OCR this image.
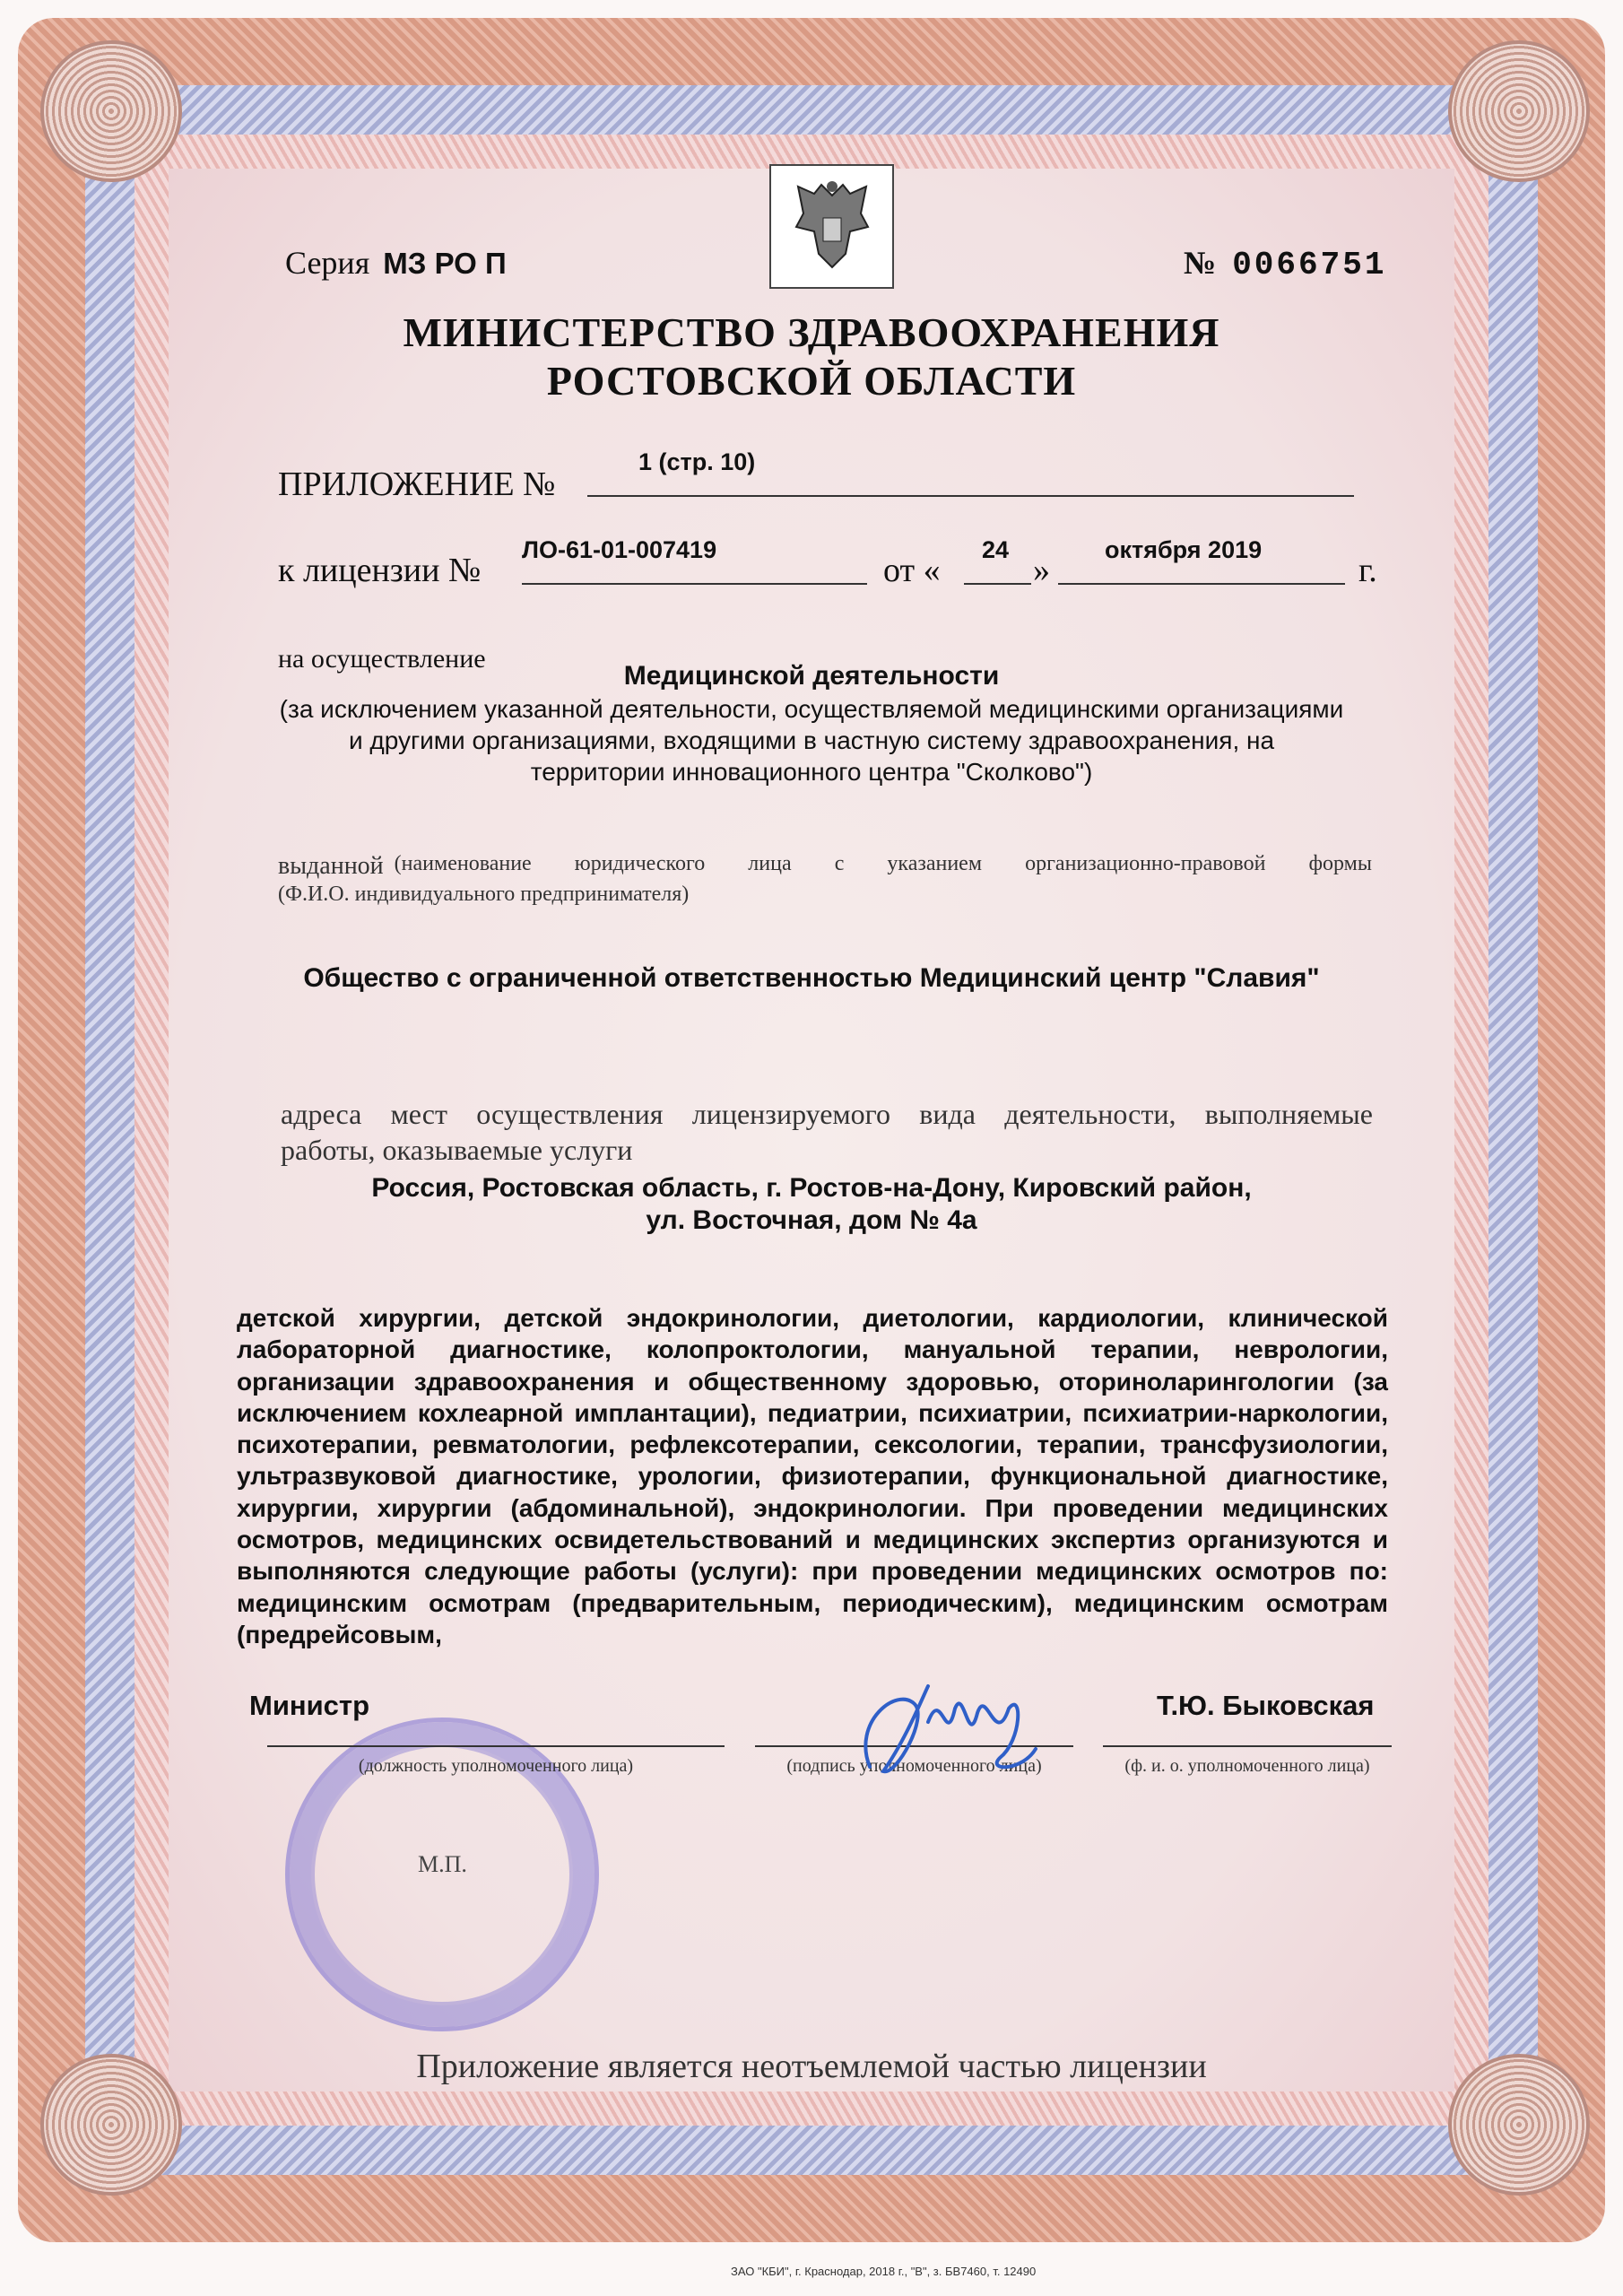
Серия МЗ РО П	№ 0066751
МИНИСТЕРСТВО ЗДРАВООХРАНЕНИЯ
РОСТОВСКОЙ ОБЛАСТИ
ПРИЛОЖЕНИЕ №
1 (стр. 10)
к лицензии №
ЛО-61-01-007419
от «
24
»
октября 2019
г.
на осуществление
Медицинской деятельности
(за исключением указанной деятельности, осуществляемой медицинскими организациями
и другими организациями, входящими в частную систему здравоохранения, на
территории инновационного центра "Сколково")
выданной (наименование юридического лица с указанием организационно-правовой формы
(Ф.И.О. индивидуального предпринимателя)
Общество с ограниченной ответственностью Медицинский центр "Славия"
адреса мест осуществления лицензируемого вида деятельности, выполняемые
работы, оказываемые услуги
Россия, Ростовская область, г. Ростов-на-Дону, Кировский район,
ул. Восточная, дом № 4а
детской хирургии, детской эндокринологии, диетологии, кардиологии, клинической лабораторной диагностике, колопроктологии, мануальной терапии, неврологии, организации здравоохранения и общественному здоровью, оториноларингологии (за исключением кохлеарной имплантации), педиатрии, психиатрии, психиатрии-наркологии, психотерапии, ревматологии, рефлексотерапии, сексологии, терапии, трансфузиологии, ультразвуковой диагностике, урологии, физиотерапии, функциональной диагностике, хирургии, хирургии (абдоминальной), эндокринологии. При проведении медицинских осмотров, медицинских освидетельствований и медицинских экспертиз организуются и выполняются следующие работы (услуги): при проведении медицинских осмотров по: медицинским осмотрам (предварительным, периодическим), медицинским осмотрам (предрейсовым,
Министр	Т.Ю. Быковская
(должность уполномоченного лица)	(подпись уполномоченного лица)	(ф. и. о. уполномоченного лица)
М.П.
Приложение является неотъемлемой частью лицензии
ЗАО "КБИ", г. Краснодар, 2018 г., "В", з. БВ7460, т. 12490
